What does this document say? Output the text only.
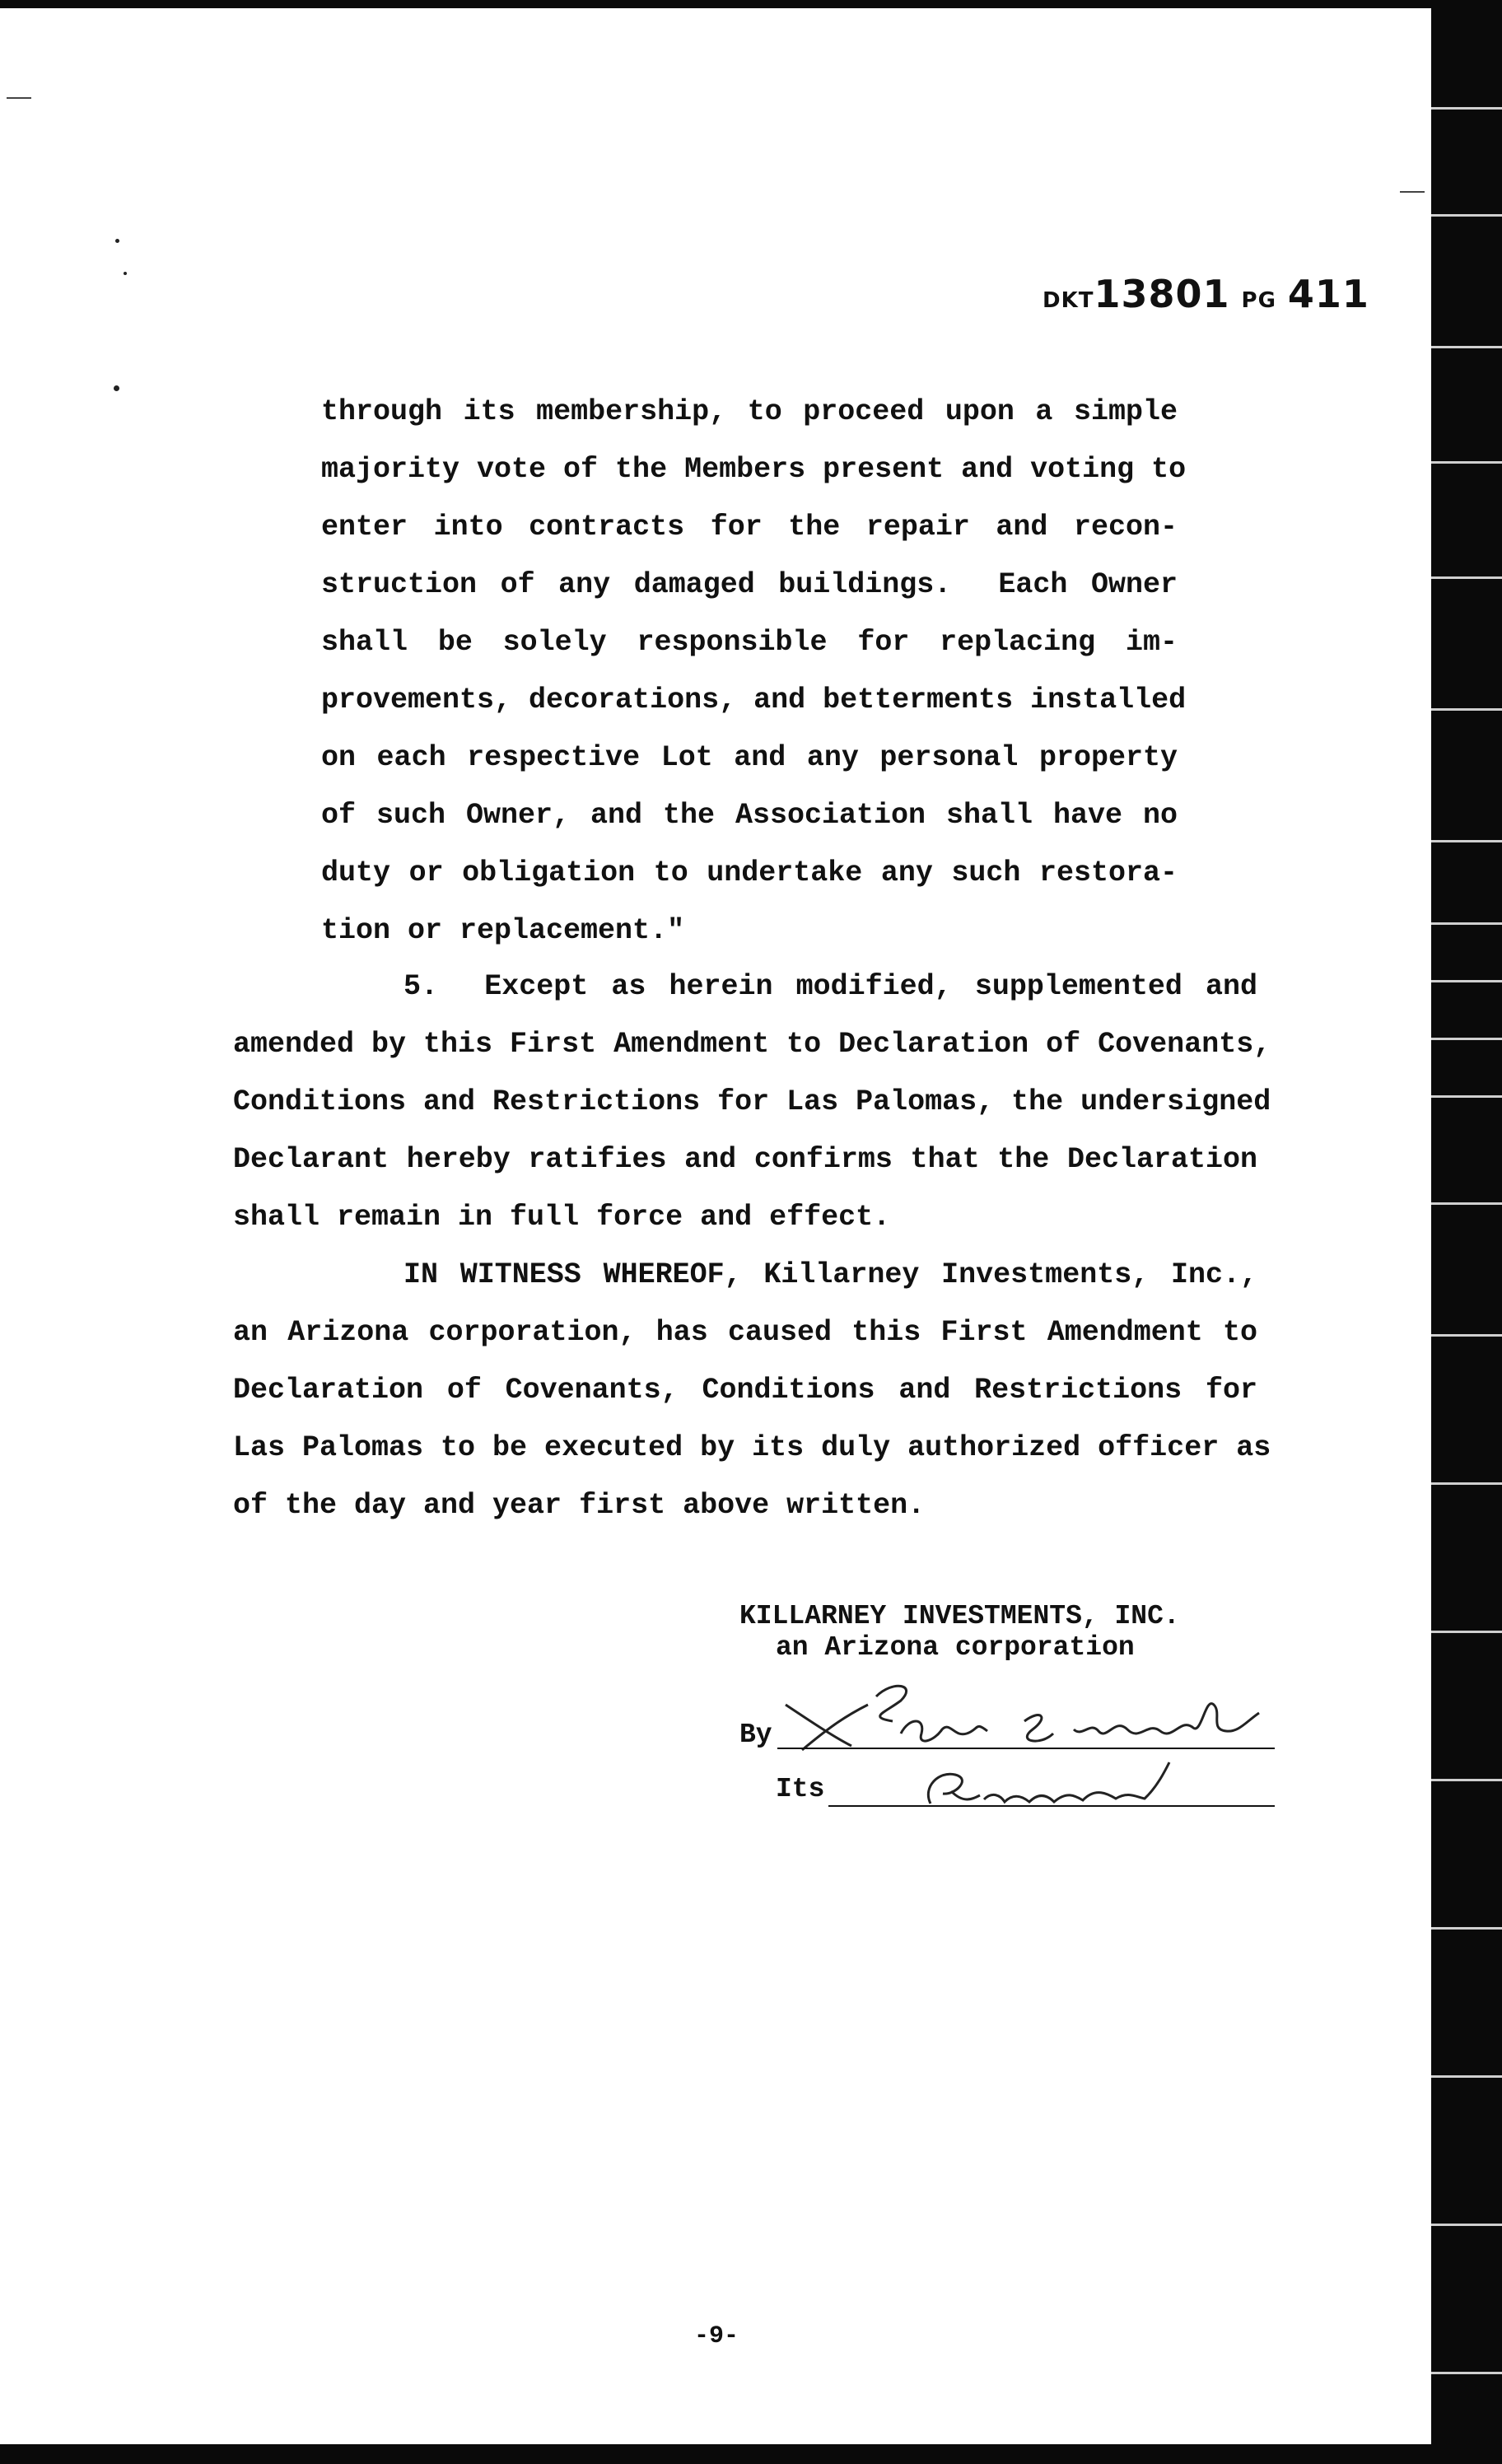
DKT13801 PG 411
through its membership, to proceed upon a simple
majority vote of the Members present and voting to
enter into contracts for the repair and recon-
struction of any damaged buildings.  Each Owner
shall be solely responsible for replacing im-
provements, decorations, and betterments installed
on each respective Lot and any personal property
of such Owner, and the Association shall have no
duty or obligation to undertake any such restora-
tion or replacement."
5.  Except as herein modified, supplemented and
amended by this First Amendment to Declaration of Covenants,
Conditions and Restrictions for Las Palomas, the undersigned
Declarant hereby ratifies and confirms that the Declaration
shall remain in full force and effect.
IN WITNESS WHEREOF, Killarney Investments, Inc.,
an Arizona corporation, has caused this First Amendment to
Declaration of Covenants, Conditions and Restrictions for
Las Palomas to be executed by its duly authorized officer as
of the day and year first above written.
KILLARNEY INVESTMENTS, INC.
an Arizona corporation
By
Its
-9-
